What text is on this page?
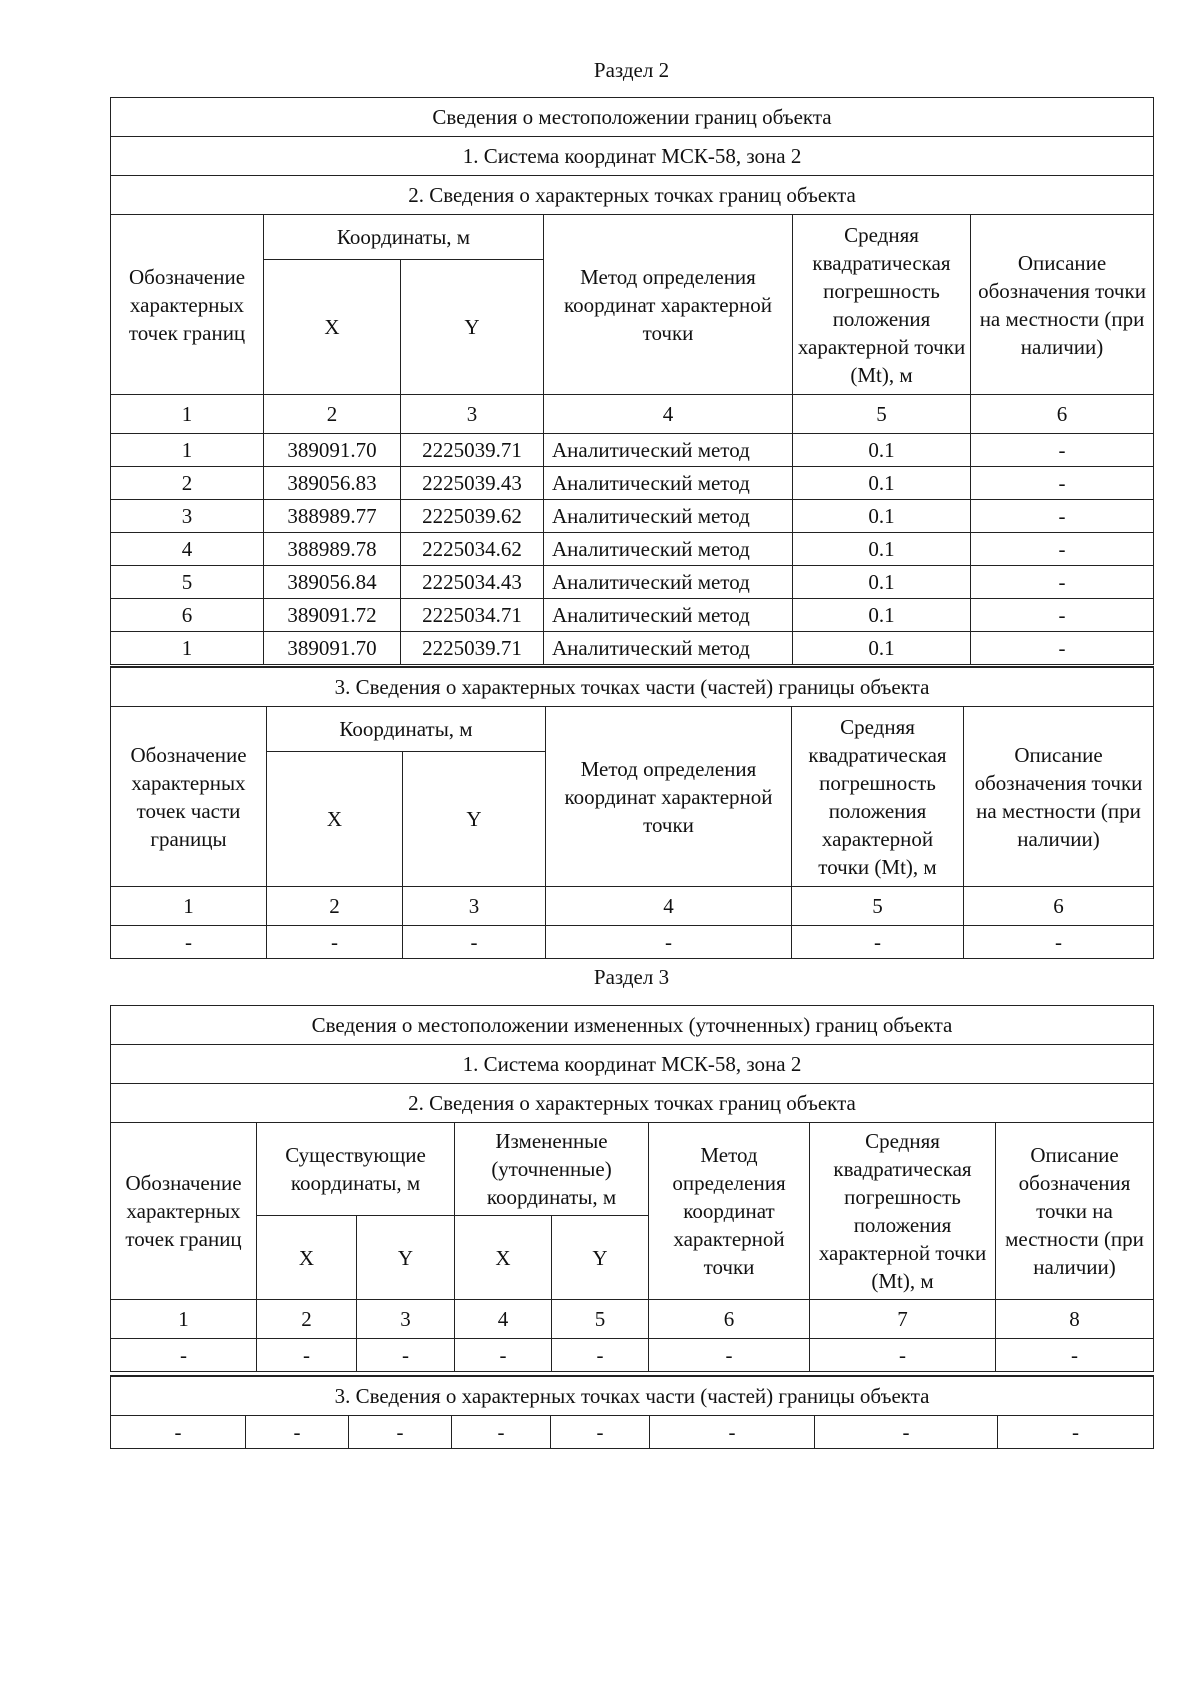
Раздел 2
Сведения о местоположении границ объекта					
1. Система координат МСК-58, зона 2					
2. Сведения о характерных точках границ объекта					
Обозначение характерных точек границ	Координаты, м		Метод определения координат характерной точки	Средняя квадратическая погрешность положения характерной точки (Mt), м	Описание обозначения точки на местности (при наличии)
	X	Y			
1	2	3	4	5	6
1	389091.70	2225039.71	Аналитический метод	0.1	-
2	389056.83	2225039.43	Аналитический метод	0.1	-
3	388989.77	2225039.62	Аналитический метод	0.1	-
4	388989.78	2225034.62	Аналитический метод	0.1	-
5	389056.84	2225034.43	Аналитический метод	0.1	-
6	389091.72	2225034.71	Аналитический метод	0.1	-
1	389091.70	2225039.71	Аналитический метод	0.1	-
3. Сведения о характерных точках части (частей) границы объекта					
Обозначение характерных точек части границы	Координаты, м		Метод определения координат характерной точки	Средняя квадратическая погрешность положения характерной точки (Mt), м	Описание обозначения точки на местности (при наличии)
	X	Y			
1	2	3	4	5	6
-	-	-	-	-	-
Раздел 3
Сведения о местоположении измененных (уточненных) границ объекта							
1. Система координат МСК-58, зона 2							
2. Сведения о характерных точках границ объекта							
Обозначение характерных точек границ	Существующие координаты, м		Измененные (уточненные) координаты, м		Метод определения координат характерной точки	Средняя квадратическая погрешность положения характерной точки (Mt), м	Описание обозначения точки на местности (при наличии)
	X	Y	X	Y			
1	2	3	4	5	6	7	8
-	-	-	-	-	-	-	-
3. Сведения о характерных точках части (частей) границы объекта
-	-	-	-	-	-	-	-
